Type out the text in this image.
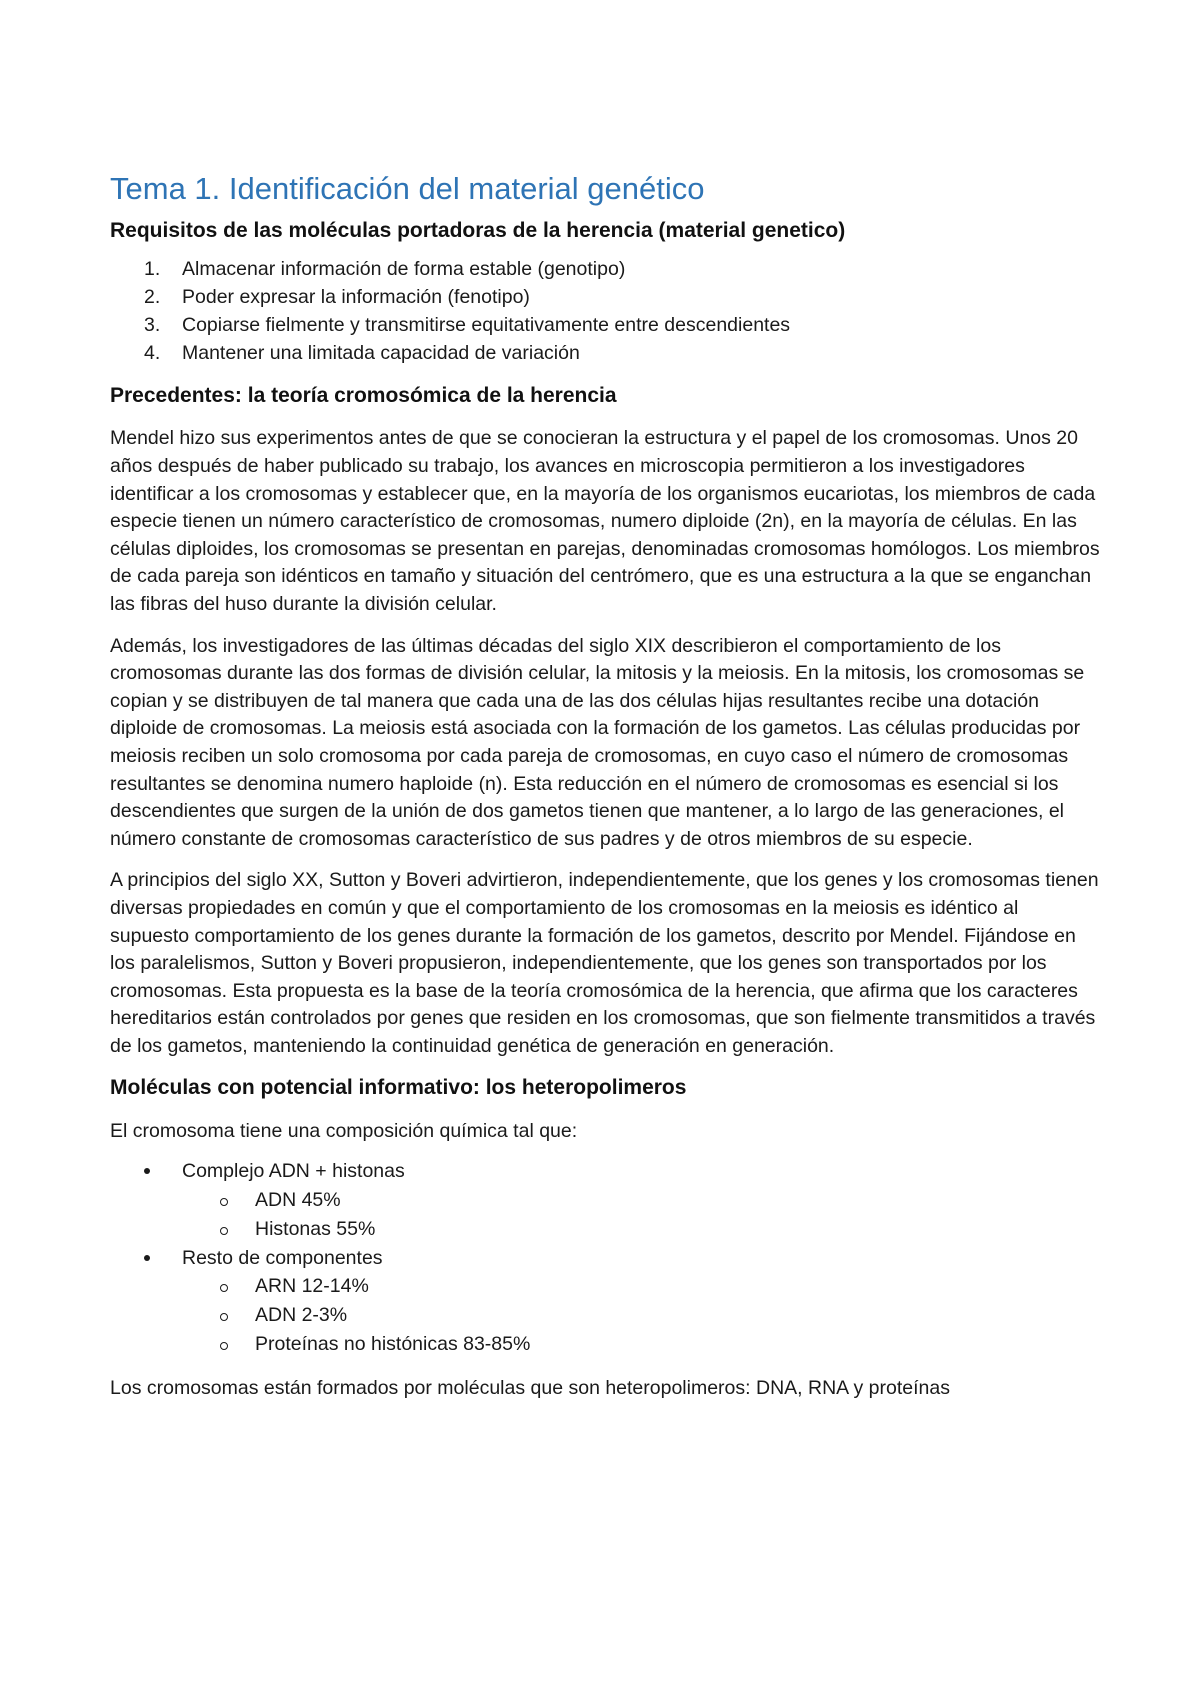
Tema 1. Identificación del material genético
Requisitos de las moléculas portadoras de la herencia (material genetico)
1.	Almacenar información de forma estable (genotipo)
2.	Poder expresar la información (fenotipo)
3.	Copiarse fielmente y transmitirse equitativamente entre descendientes
4.	Mantener una limitada capacidad de variación
Precedentes: la teoría cromosómica de la herencia

Mendel hizo sus experimentos antes de que se conocieran la estructura y el papel de los cromosomas. Unos 20 años después de haber publicado su trabajo, los avances en microscopia permitieron a los investigadores identificar a los cromosomas y establecer que, en la mayoría de los organismos eucariotas, los miembros de cada especie tienen un número característico de cromosomas, numero diploide (2n), en la mayoría de células. En las células diploides, los cromosomas se presentan en parejas, denominadas cromosomas homólogos. Los miembros de cada pareja son idénticos en tamaño y situación del centrómero, que es una estructura a la que se enganchan las fibras del huso durante la división celular.

Además, los investigadores de las últimas décadas del siglo XIX describieron el comportamiento de los cromosomas durante las dos formas de división celular, la mitosis y la meiosis. En la mitosis, los cromosomas se copian y se distribuyen de tal manera que cada una de las dos células hijas resultantes recibe una dotación diploide de cromosomas. La meiosis está asociada con la formación de los gametos. Las células producidas por meiosis reciben un solo cromosoma por cada pareja de cromosomas, en cuyo caso el número de cromosomas resultantes se denomina numero haploide (n). Esta reducción en el número de cromosomas es esencial si los descendientes que surgen de la unión de dos gametos tienen que mantener, a lo largo de las generaciones, el número constante de cromosomas característico de sus padres y de otros miembros de su especie.

A principios del siglo XX, Sutton y Boveri advirtieron, independientemente, que los genes y los cromosomas tienen diversas propiedades en común y que el comportamiento de los cromosomas en la meiosis es idéntico al supuesto comportamiento de los genes durante la formación de los gametos, descrito por Mendel. Fijándose en los paralelismos, Sutton y Boveri propusieron, independientemente, que los genes son transportados por los cromosomas. Esta propuesta es la base de la teoría cromosómica de la herencia, que afirma que los caracteres hereditarios están controlados por genes que residen en los cromosomas, que son fielmente transmitidos a través de los gametos, manteniendo la continuidad genética de generación en generación.

Moléculas con potencial informativo: los heteropolimeros

El cromosoma tiene una composición química tal que:

Complejo ADN + histonas
ADN 45%
Histonas 55%
Resto de componentes
ARN 12-14%
ADN 2-3%
Proteínas no histónicas 83-85%

Los cromosomas están formados por moléculas que son heteropolimeros: DNA, RNA y proteínas
